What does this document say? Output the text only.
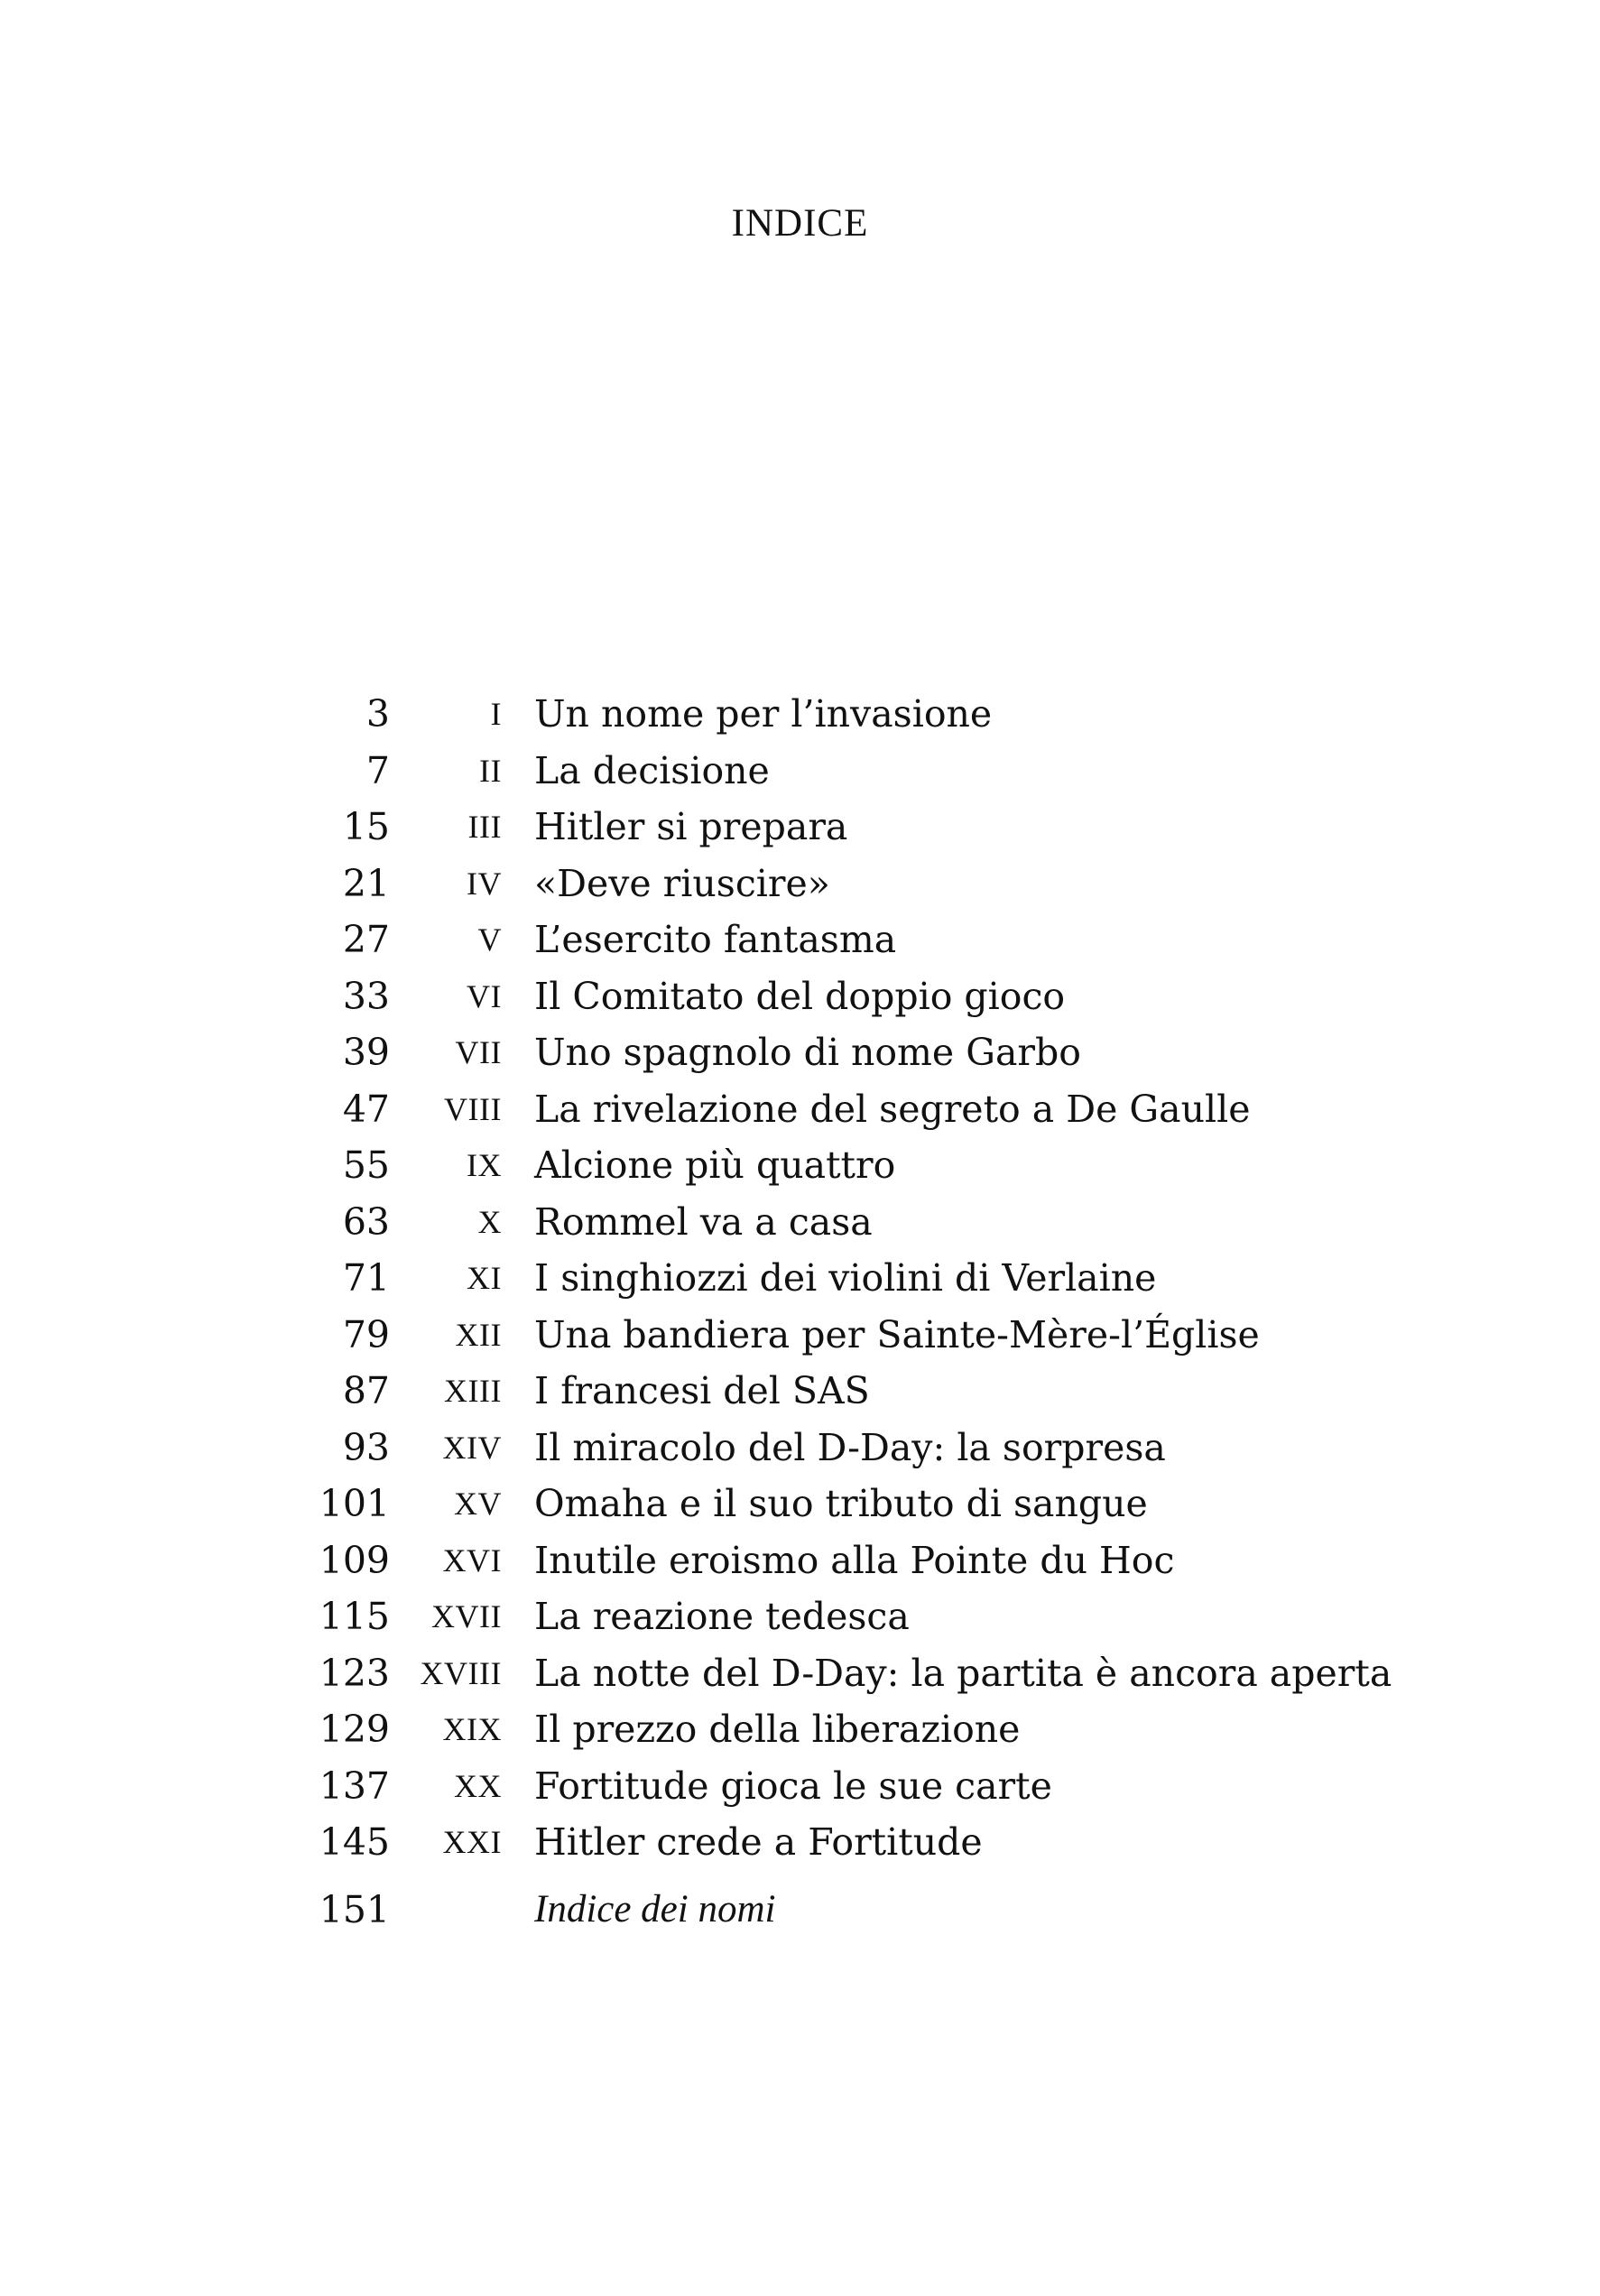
INDICE
3	I Un nome per l’invasione
7	II La decisione
15	III Hitler si prepara
21	IV «Deve riuscire»
27	V L’esercito fantasma
33	VI Il Comitato del doppio gioco
39	VII Uno spagnolo di nome Garbo
47	VIII La rivelazione del segreto a De Gaulle
55	IX Alcione più quattro
63	X Rommel va a casa
71	XI I singhiozzi dei violini di Verlaine
79	XII Una bandiera per Sainte-Mère-l’Église
87	XIII I francesi del SAS
93	XIV Il miracolo del D-Day: la sorpresa
101	XV Omaha e il suo tributo di sangue
109	XVI Inutile eroismo alla Pointe du Hoc
115	XVII La reazione tedesca
123 XVIII La notte del D-Day: la partita è ancora aperta
129	XIX Il prezzo della liberazione
137	XX Fortitude gioca le sue carte
145	XXI Hitler crede a Fortitude
151	Indice dei nomi
